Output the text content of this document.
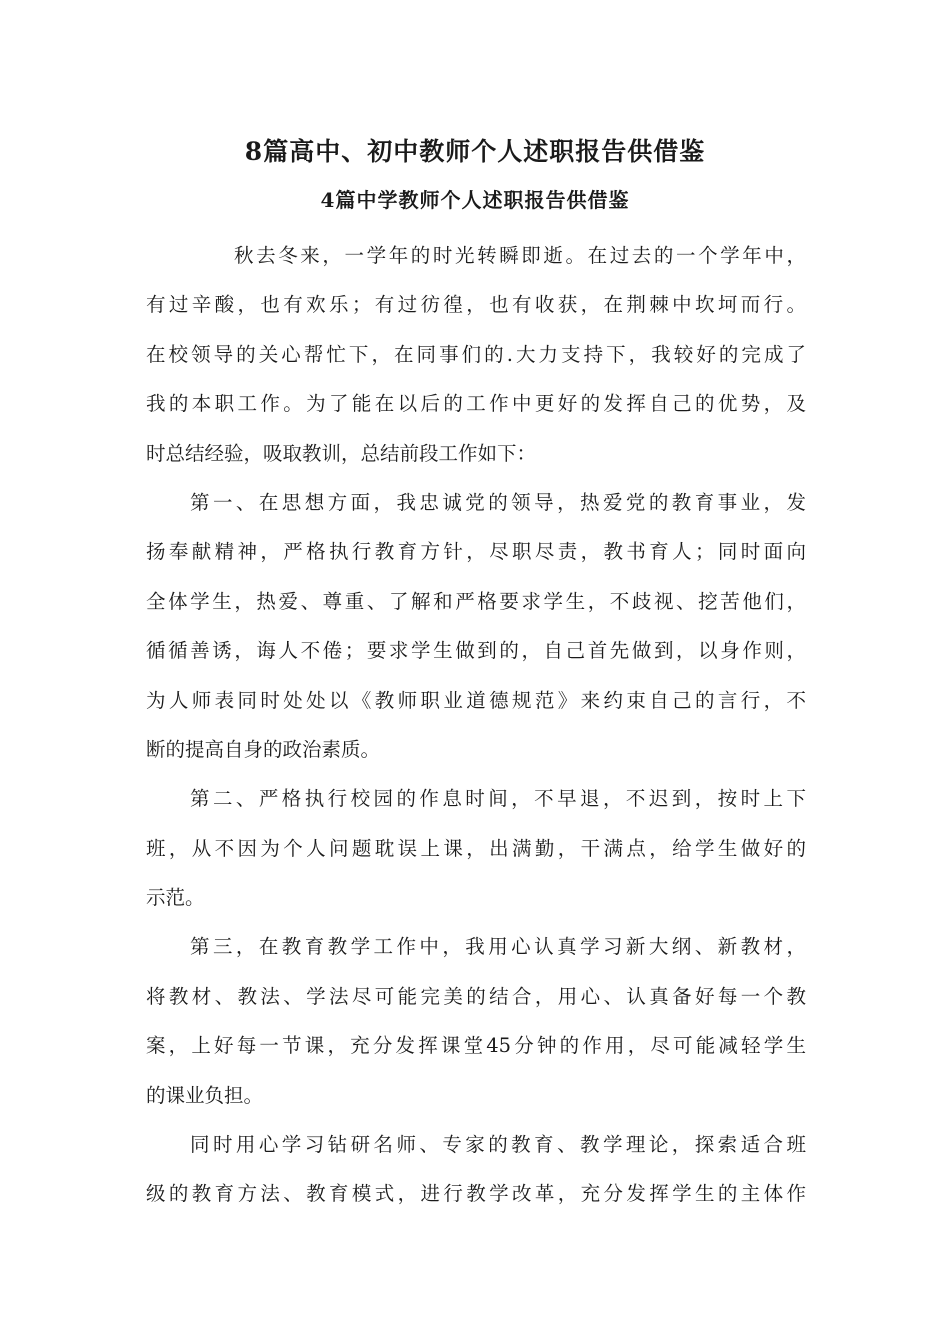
8篇高中、初中教师个人述职报告供借鉴
4篇中学教师个人述职报告供借鉴
秋去冬来，一学年的时光转瞬即逝。在过去的一个学年中，
有过辛酸，也有欢乐；有过彷徨，也有收获，在荆棘中坎坷而行。
在校领导的关心帮忙下，在同事们的.大力支持下，我较好的完成了
我的本职工作。为了能在以后的工作中更好的发挥自己的优势，及
时总结经验，吸取教训，总结前段工作如下：
第一、在思想方面，我忠诚党的领导，热爱党的教育事业，发
扬奉献精神，严格执行教育方针，尽职尽责，教书育人；同时面向
全体学生，热爱、尊重、了解和严格要求学生，不歧视、挖苦他们，
循循善诱，诲人不倦；要求学生做到的，自己首先做到，以身作则，
为人师表同时处处以《教师职业道德规范》来约束自己的言行，不
断的提高自身的政治素质。
第二、严格执行校园的作息时间，不早退，不迟到，按时上下
班，从不因为个人问题耽误上课，出满勤，干满点，给学生做好的
示范。
第三，在教育教学工作中，我用心认真学习新大纲、新教材，
将教材、教法、学法尽可能完美的结合，用心、认真备好每一个教
案，上好每一节课，充分发挥课堂45分钟的作用，尽可能减轻学生
的课业负担。
同时用心学习钻研名师、专家的教育、教学理论，探索适合班
级的教育方法、教育模式，进行教学改革，充分发挥学生的主体作
